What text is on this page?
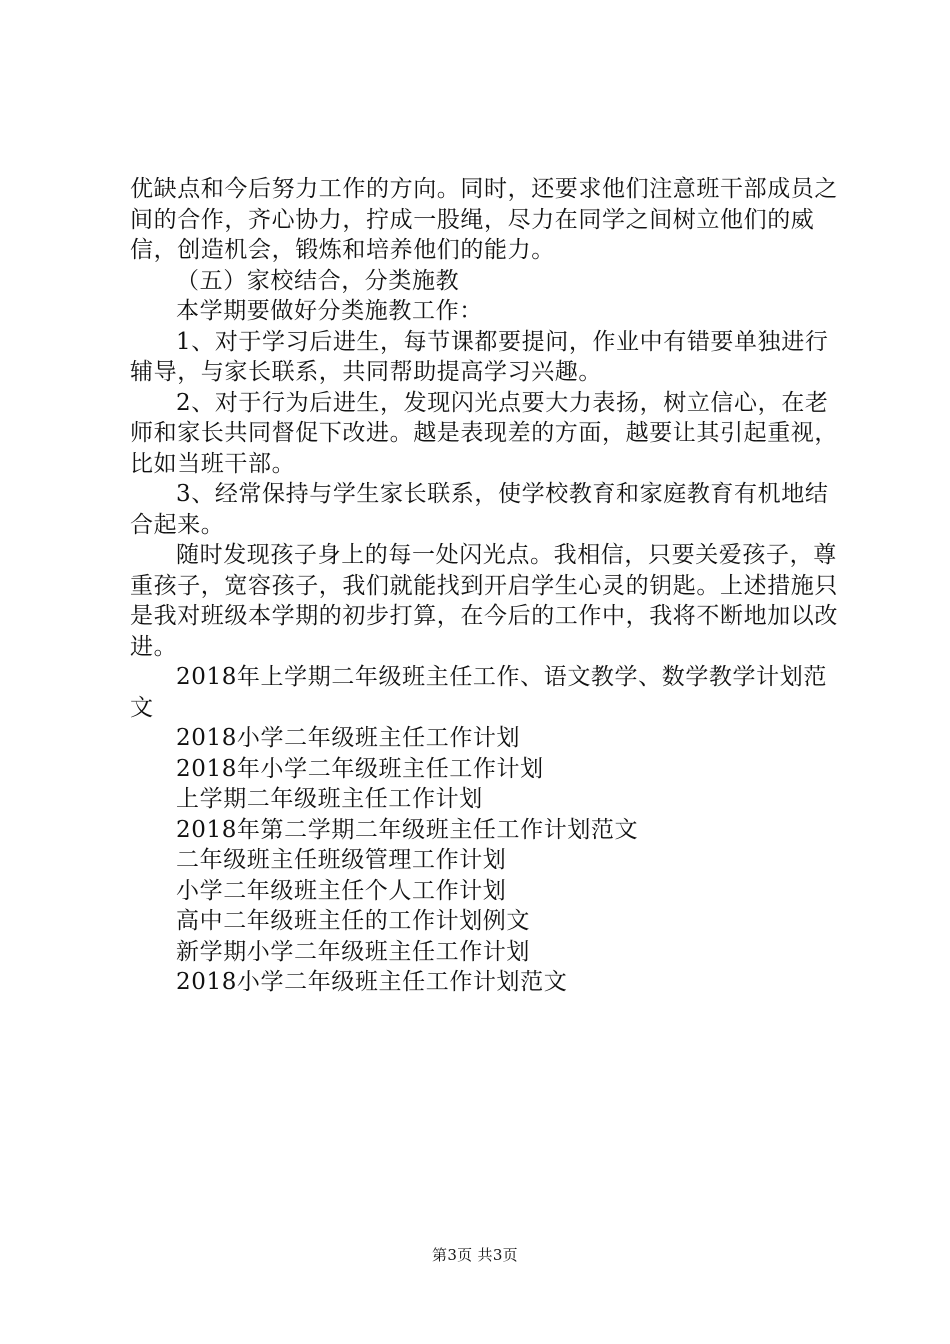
优缺点和今后努力工作的方向。同时，还要求他们注意班干部成员之间的合作，齐心协力，拧成一股绳，尽力在同学之间树立他们的威信，创造机会，锻炼和培养他们的能力。

（五）家校结合，分类施教

本学期要做好分类施教工作：

1、对于学习后进生，每节课都要提问，作业中有错要单独进行辅导，与家长联系，共同帮助提高学习兴趣。

2、对于行为后进生，发现闪光点要大力表扬，树立信心，在老师和家长共同督促下改进。越是表现差的方面，越要让其引起重视，比如当班干部。

3、经常保持与学生家长联系，使学校教育和家庭教育有机地结合起来。

随时发现孩子身上的每一处闪光点。我相信，只要关爱孩子，尊重孩子，宽容孩子，我们就能找到开启学生心灵的钥匙。上述措施只是我对班级本学期的初步打算，在今后的工作中，我将不断地加以改进。

2018年上学期二年级班主任工作、语文教学、数学教学计划范文

2018小学二年级班主任工作计划
2018年小学二年级班主任工作计划
上学期二年级班主任工作计划
2018年第二学期二年级班主任工作计划范文
二年级班主任班级管理工作计划
小学二年级班主任个人工作计划
高中二年级班主任的工作计划例文
新学期小学二年级班主任工作计划
2018小学二年级班主任工作计划范文
第3页 共3页
